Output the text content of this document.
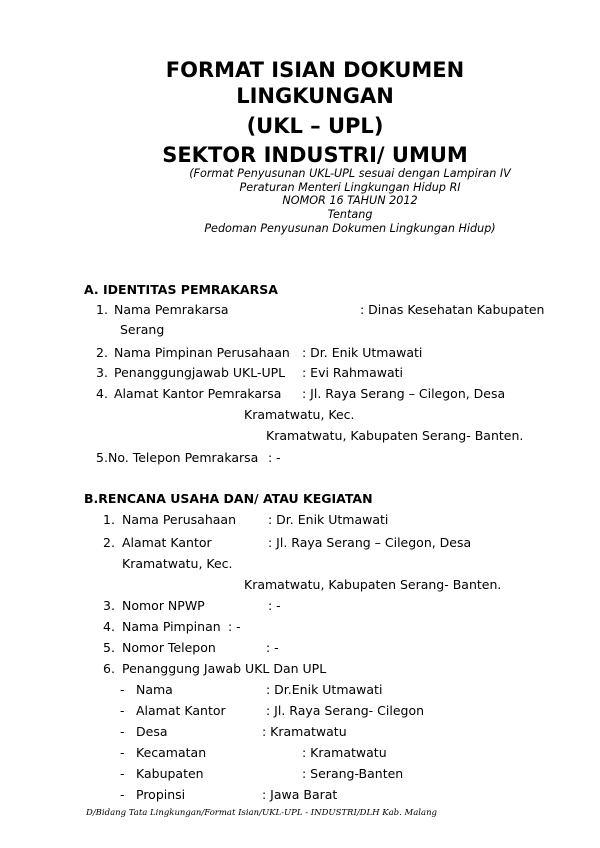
FORMAT ISIAN DOKUMEN
LINGKUNGAN
(UKL – UPL)
SEKTOR INDUSTRI/ UMUM
(Format Penyusunan UKL-UPL sesuai dengan Lampiran IV
Peraturan Menteri Lingkungan Hidup RI
NOMOR 16 TAHUN 2012
Tentang
Pedoman Penyusunan Dokumen Lingkungan Hidup)
A. IDENTITAS PEMRAKARSA
1. Nama Pemrakarsa	: Dinas Kesehatan Kabupaten
Serang
2. Nama Pimpinan Perusahaan : Dr. Enik Utmawati
3. Penanggungjawab UKL-UPL : Evi Rahmawati
4. Alamat Kantor Pemrakarsa : Jl. Raya Serang – Cilegon, Desa
Kramatwatu, Kec.
Kramatwatu, Kabupaten Serang- Banten.
5. No. Telepon Pemrakarsa : -
B.RENCANA USAHA DAN/ ATAU KEGIATAN
1. Nama Perusahaan	: Dr. Enik Utmawati
2. Alamat Kantor	: Jl. Raya Serang – Cilegon, Desa
Kramatwatu, Kec.
Kramatwatu, Kabupaten Serang- Banten.
3. Nomor NPWP	: -
4. Nama Pimpinan : -
5. Nomor Telepon	: -
6. Penanggung Jawab UKL Dan UPL
- Nama	: Dr.Enik Utmawati
- Alamat Kantor	: Jl. Raya Serang- Cilegon
- Desa	: Kramatwatu
- Kecamatan	: Kramatwatu
- Kabupaten	: Serang-Banten
- Propinsi	: Jawa Barat
D/Bidang Tata Lingkungan/Format Isian/UKL-UPL - INDUSTRI/DLH Kab. Malang
